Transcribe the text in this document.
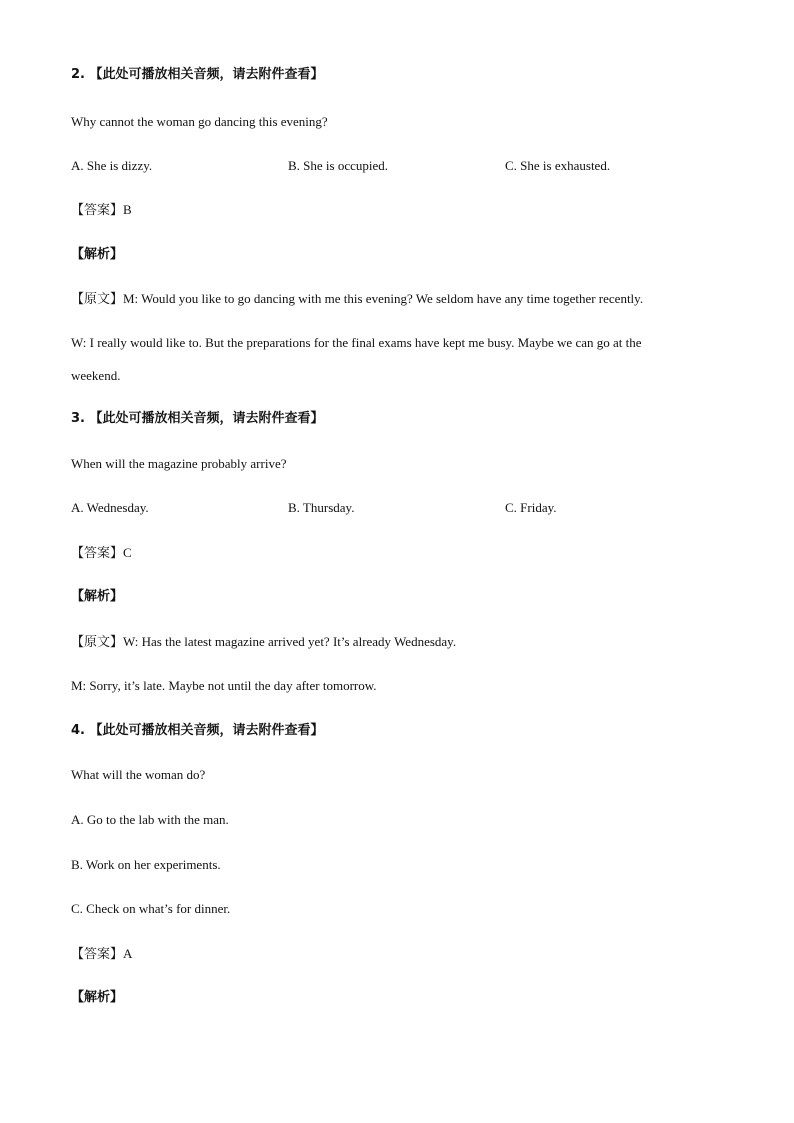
2. 【此处可播放相关音频，请去附件查看】
Why cannot the woman go dancing this evening?
A. She is dizzy.	B. She is occupied.	C. She is exhausted.
【答案】B
【解析】
【原文】M: Would you like to go dancing with me this evening? We seldom have any time together recently.
W: I really would like to. But the preparations for the final exams have kept me busy. Maybe we can go at the
weekend.
3. 【此处可播放相关音频，请去附件查看】
When will the magazine probably arrive?
A. Wednesday.	B. Thursday.	C. Friday.
【答案】C
【解析】
【原文】W: Has the latest magazine arrived yet? It’s already Wednesday.
M: Sorry, it’s late. Maybe not until the day after tomorrow.
4. 【此处可播放相关音频，请去附件查看】
What will the woman do?
A. Go to the lab with the man.
B. Work on her experiments.
C. Check on what’s for dinner.
【答案】A
【解析】
